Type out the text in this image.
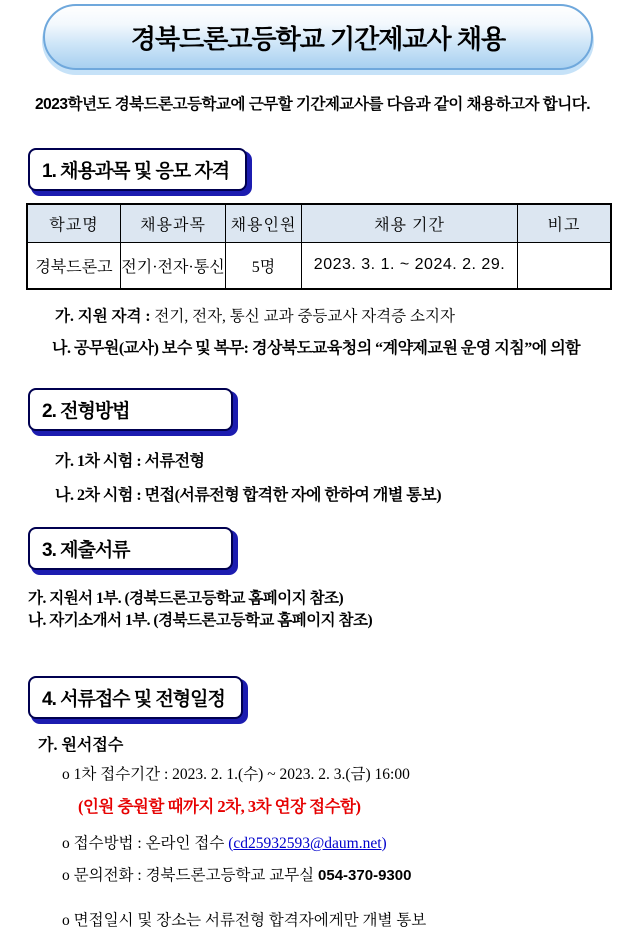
경북드론고등학교 기간제교사 채용

2023학년도 경북드론고등학교에 근무할 기간제교사를 다음과 같이 채용하고자 합니다.

1. 채용과목 및 응모 자격
학교명	채용과목	채용인원	채용 기간	비고
경북드론고	전기·전자·통신	5명	2023. 3. 1. ~ 2024. 2. 29.	

가. 지원 자격 : 전기, 전자, 통신 교과 중등교사 자격증 소지자

나. 공무원(교사) 보수 및 복무: 경상북도교육청의 “계약제교원 운영 지침”에 의함

2. 전형방법

가. 1차 시험 : 서류전형

나. 2차 시험 : 면접(서류전형 합격한 자에 한하여 개별 통보)

3. 제출서류
가. 지원서 1부. (경북드론고등학교 홈페이지 참조)
나. 자기소개서 1부. (경북드론고등학교 홈페이지 참조)
4. 서류접수 및 전형일정

가. 원서접수

o 1차 접수기간 : 2023. 2. 1.(수) ~ 2023. 2. 3.(금) 16:00

(인원 충원할 때까지 2차, 3차 연장 접수함)

o 접수방법 : 온라인 접수 (cd25932593@daum.net)

o 문의전화 : 경북드론고등학교 교무실 054-370-9300

o 면접일시 및 장소는 서류전형 합격자에게만 개별 통보
